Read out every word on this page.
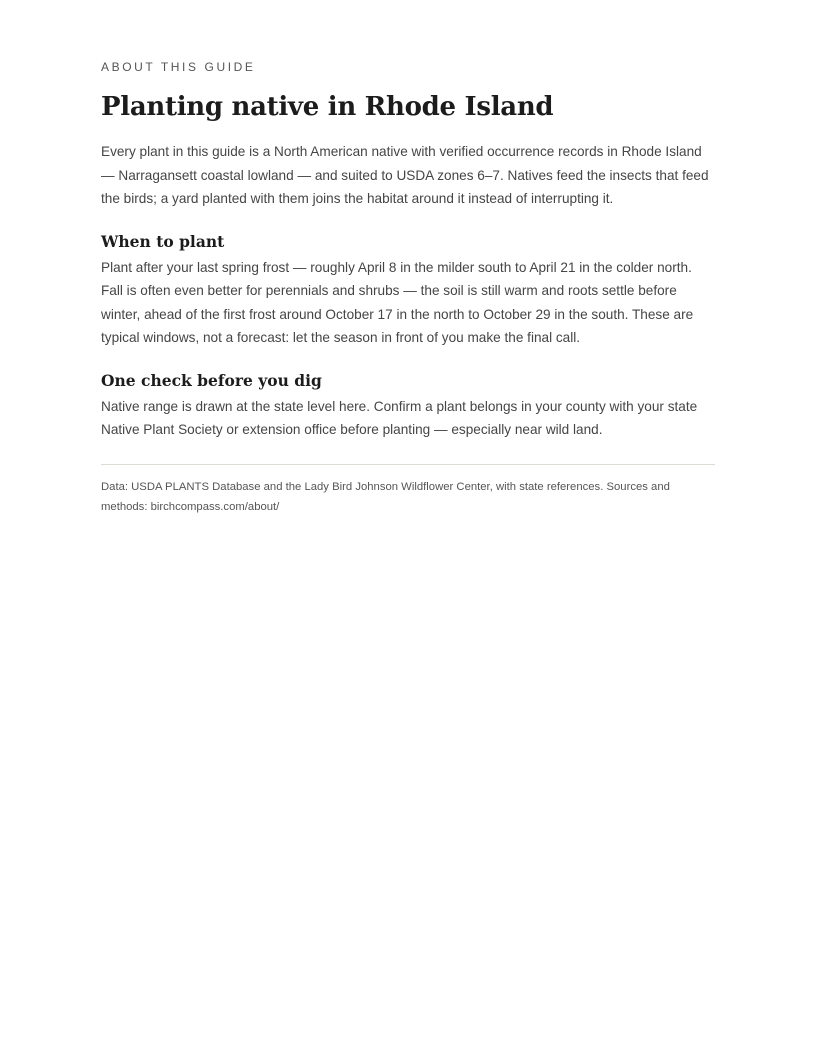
ABOUT THIS GUIDE

Planting native in Rhode Island

Every plant in this guide is a North American native with verified occurrence records in Rhode Island — Narragansett coastal lowland — and suited to USDA zones 6–7. Natives feed the insects that feed the birds; a yard planted with them joins the habitat around it instead of interrupting it.

When to plant

Plant after your last spring frost — roughly April 8 in the milder south to April 21 in the colder north. Fall is often even better for perennials and shrubs — the soil is still warm and roots settle before winter, ahead of the first frost around October 17 in the north to October 29 in the south. These are typical windows, not a forecast: let the season in front of you make the final call.

One check before you dig

Native range is drawn at the state level here. Confirm a plant belongs in your county with your state Native Plant Society or extension office before planting — especially near wild land.

Data: USDA PLANTS Database and the Lady Bird Johnson Wildflower Center, with state references. Sources and methods: birchcompass.com/about/
